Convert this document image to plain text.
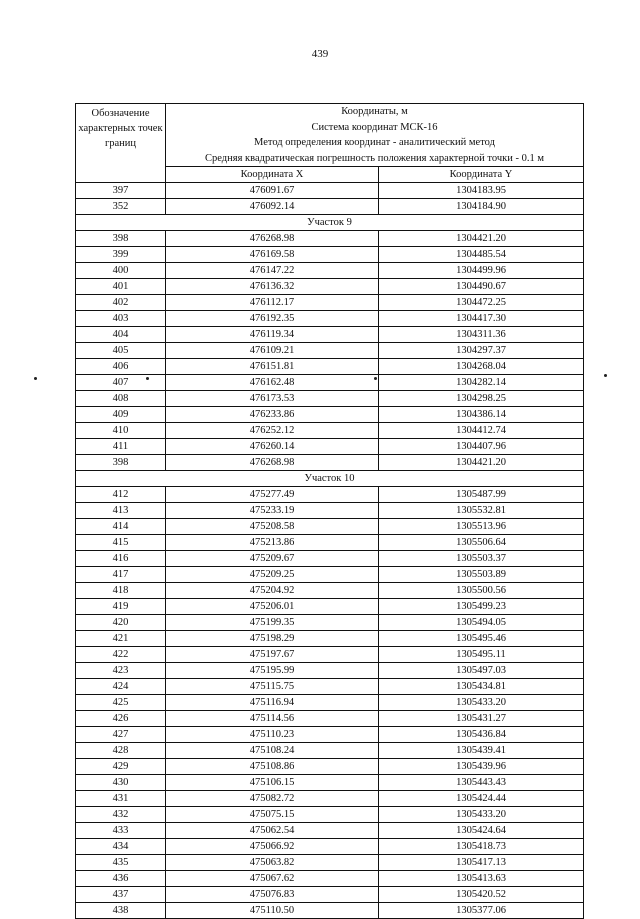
439
Обозначение характерных точек границ	Координаты, м
Система координат МСК-16
Метод определения координат - аналитический метод
Средняя квадратическая погрешность положения характерной точки - 0.1 м	

	Координата X	Координата Y
397	476091.67	1304183.95
352	476092.14	1304184.90
Участок 9		
398	476268.98	1304421.20
399	476169.58	1304485.54
400	476147.22	1304499.96
401	476136.32	1304490.67
402	476112.17	1304472.25
403	476192.35	1304417.30
404	476119.34	1304311.36
405	476109.21	1304297.37
406	476151.81	1304268.04
407	476162.48	1304282.14
408	476173.53	1304298.25
409	476233.86	1304386.14
410	476252.12	1304412.74
411	476260.14	1304407.96
398	476268.98	1304421.20
Участок 10		
412	475277.49	1305487.99
413	475233.19	1305532.81
414	475208.58	1305513.96
415	475213.86	1305506.64
416	475209.67	1305503.37
417	475209.25	1305503.89
418	475204.92	1305500.56
419	475206.01	1305499.23
420	475199.35	1305494.05
421	475198.29	1305495.46
422	475197.67	1305495.11
423	475195.99	1305497.03
424	475115.75	1305434.81
425	475116.94	1305433.20
426	475114.56	1305431.27
427	475110.23	1305436.84
428	475108.24	1305439.41
429	475108.86	1305439.96
430	475106.15	1305443.43
431	475082.72	1305424.44
432	475075.15	1305433.20
433	475062.54	1305424.64
434	475066.92	1305418.73
435	475063.82	1305417.13
436	475067.62	1305413.63
437	475076.83	1305420.52
438	475110.50	1305377.06
